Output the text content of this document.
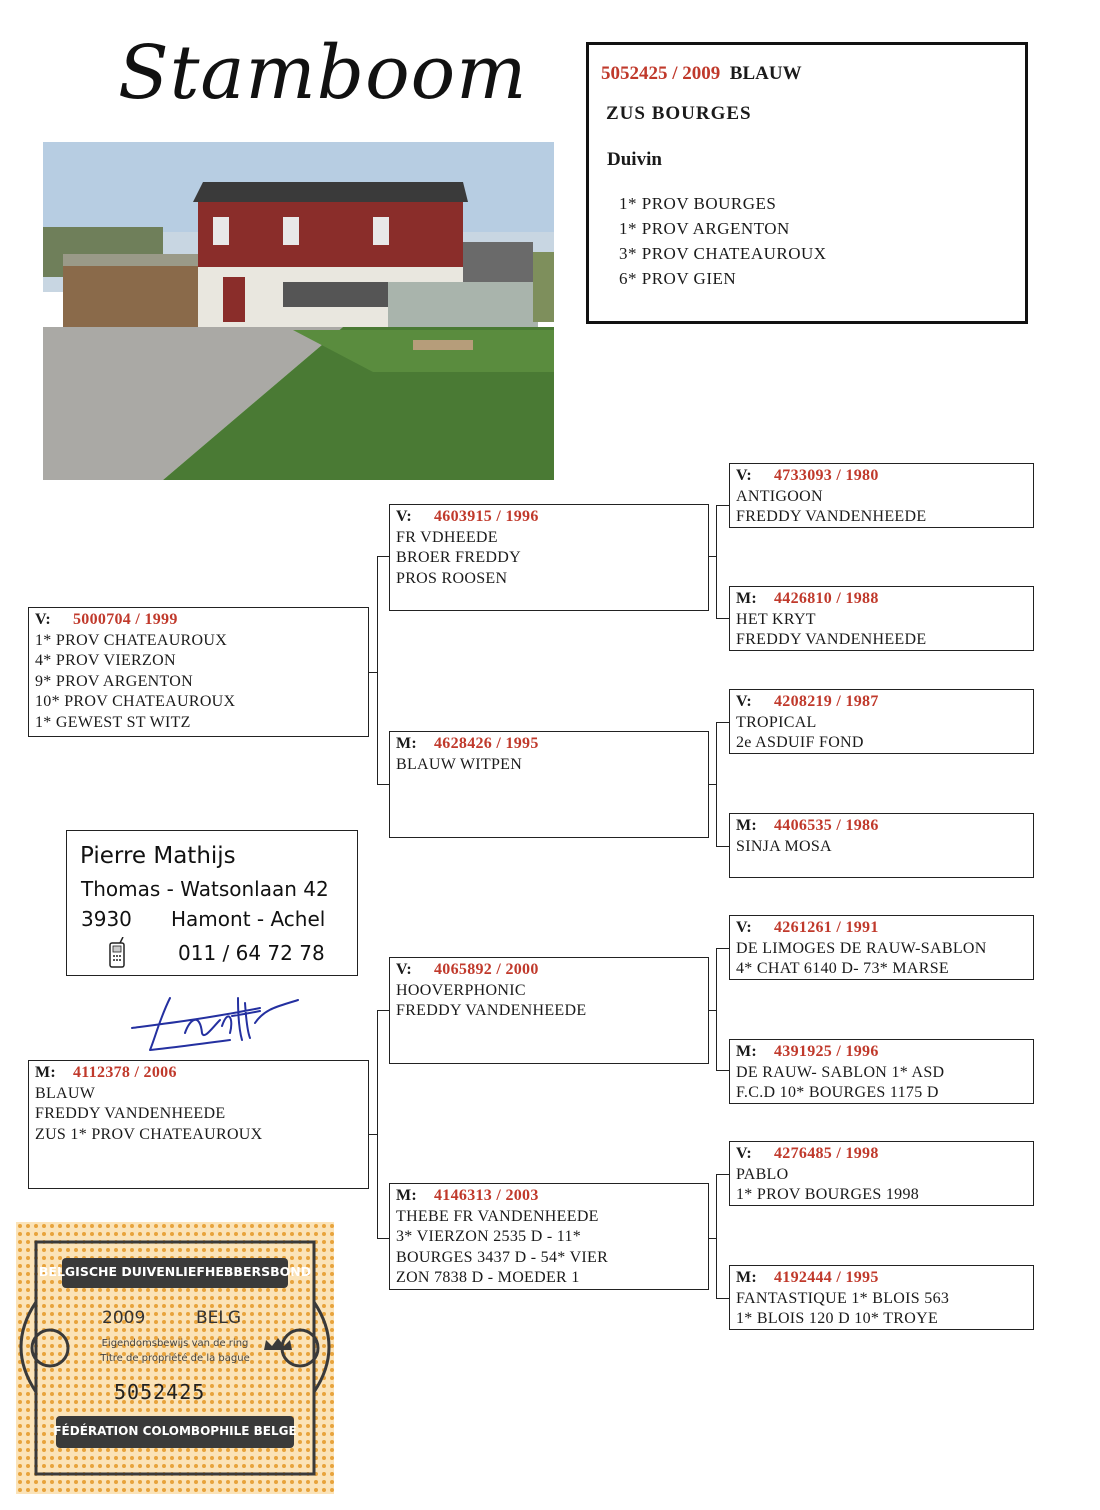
Stamboom	5052425 / 2009 BLAUW
ZUS BOURGES
Duivin
1* PROV BOURGES
1* PROV ARGENTON
3* PROV CHATEAUROUX
6* PROV GIEN
V: 5000704 / 1999
1* PROV CHATEAUROUX
4* PROV VIERZON
9* PROV ARGENTON
10* PROV CHATEAUROUX
1* GEWEST ST WITZ
M: 4112378 / 2006
BLAUW
FREDDY VANDENHEEDE
ZUS 1* PROV CHATEAUROUX
V: 4603915 / 1996
FR VDHEEDE
BROER FREDDY
PROS ROOSEN
M: 4628426 / 1995
BLAUW WITPEN
V: 4065892 / 2000
HOOVERPHONIC
FREDDY VANDENHEEDE
M: 4146313 / 2003
THEBE FR VANDENHEEDE
3* VIERZON 2535 D - 11*
BOURGES 3437 D - 54* VIER
ZON 7838 D - MOEDER 1
V: 4733093 / 1980
ANTIGOON
FREDDY VANDENHEEDE
M: 4426810 / 1988
HET KRYT
FREDDY VANDENHEEDE
V: 4208219 / 1987
TROPICAL
2e ASDUIF FOND
M: 4406535 / 1986
SINJA MOSA
V: 4261261 / 1991
DE LIMOGES DE RAUW-SABLON
4* CHAT 6140 D- 73* MARSE
M: 4391925 / 1996
DE RAUW- SABLON 1* ASD
F.C.D 10* BOURGES 1175 D
V: 4276485 / 1998
PABLO
1* PROV BOURGES 1998
M: 4192444 / 1995
FANTASTIQUE 1* BLOIS 563
1* BLOIS 120 D 10* TROYE
Pierre Mathijs
Thomas - Watsonlaan 42
3930 Hamont - Achel
011 / 64 72 78
BELGISCHE DUIVENLIEFHEBBERSBOND
2009	BELG
Eigendomsbewijs van de ring
Titre de propriété de la bague
5052425
FÉDÉRATION COLOMBOPHILE BELGE
